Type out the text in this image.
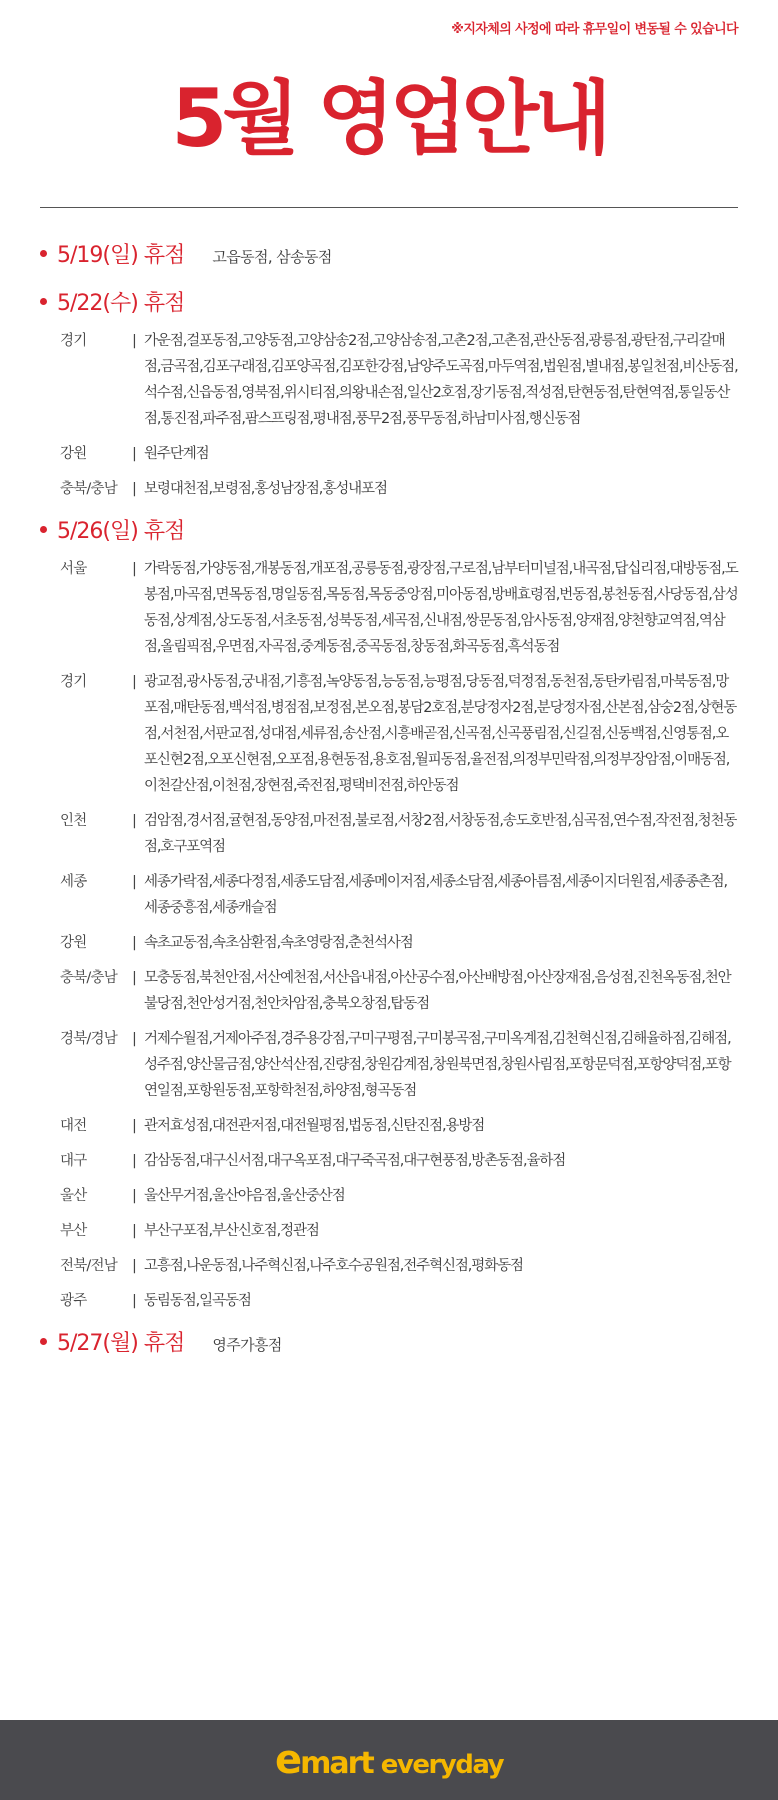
※지자체의 사정에 따라 휴무일이 변동될 수 있습니다
5월 영업안내
5/19(일) 휴점 고읍동점, 삼송동점
5/22(수) 휴점
경기	| 가운점,걸포동점,고양동점,고양삼송2점,고양삼송점,고촌2점,고촌점,관산동점,광릉점,광탄점,구리갈매점,금곡점,김포구래점,김포양곡점,김포한강점,남양주도곡점,마두역점,법원점,별내점,봉일천점,비산동점,석수점,신읍동점,영북점,위시티점,의왕내손점,일산2호점,장기동점,적성점,탄현동점,탄현역점,통일동산점,통진점,파주점,팜스프링점,평내점,풍무2점,풍무동점,하남미사점,행신동점
강원	| 원주단계점
충북/충남	| 보령대천점,보령점,홍성남장점,홍성내포점
5/26(일) 휴점
서울	| 가락동점,가양동점,개봉동점,개포점,공릉동점,광장점,구로점,남부터미널점,내곡점,답십리점,대방동점,도봉점,마곡점,면목동점,명일동점,목동점,목동중앙점,미아동점,방배효령점,번동점,봉천동점,사당동점,삼성동점,상계점,상도동점,서초동점,성북동점,세곡점,신내점,쌍문동점,암사동점,양재점,양천향교역점,역삼점,올림픽점,우면점,자곡점,중계동점,중곡동점,창동점,화곡동점,흑석동점
경기	| 광교점,광사동점,궁내점,기흥점,녹양동점,능동점,능평점,당동점,덕정점,동천점,동탄카림점,마북동점,망포점,매탄동점,백석점,병점점,보정점,본오점,봉담2호점,분당정자2점,분당정자점,산본점,삼숭2점,상현동점,서천점,서판교점,성대점,세류점,송산점,시흥배곧점,신곡점,신곡풍림점,신길점,신동백점,신영통점,오포신현2점,오포신현점,오포점,용현동점,용호점,월피동점,율전점,의정부민락점,의정부장암점,이매동점,이천갈산점,이천점,장현점,죽전점,평택비전점,하안동점
인천	| 검암점,경서점,귤현점,동양점,마전점,불로점,서창2점,서창동점,송도호반점,심곡점,연수점,작전점,청천동점,호구포역점
세종	| 세종가락점,세종다정점,세종도담점,세종메이저점,세종소담점,세종아름점,세종이지더원점,세종종촌점,세종중흥점,세종캐슬점
강원	| 속초교동점,속초삼환점,속초영랑점,춘천석사점
충북/충남	| 모충동점,북천안점,서산예천점,서산읍내점,아산공수점,아산배방점,아산장재점,음성점,진천옥동점,천안불당점,천안성거점,천안차암점,충북오창점,탑동점
경북/경남	| 거제수월점,거제아주점,경주용강점,구미구평점,구미봉곡점,구미옥계점,김천혁신점,김해율하점,김해점,성주점,양산물금점,양산석산점,진량점,창원감계점,창원북면점,창원사림점,포항문덕점,포항양덕점,포항연일점,포항원동점,포항학천점,하양점,형곡동점
대전	| 관저효성점,대전관저점,대전월평점,법동점,신탄진점,용방점
대구	| 감삼동점,대구신서점,대구옥포점,대구죽곡점,대구현풍점,방촌동점,율하점
울산	| 울산무거점,울산야음점,울산중산점
부산	| 부산구포점,부산신호점,정관점
전북/전남	| 고흥점,나운동점,나주혁신점,나주호수공원점,전주혁신점,평화동점
광주	| 동림동점,일곡동점
5/27(월) 휴점 영주가흥점
e mart everyday
